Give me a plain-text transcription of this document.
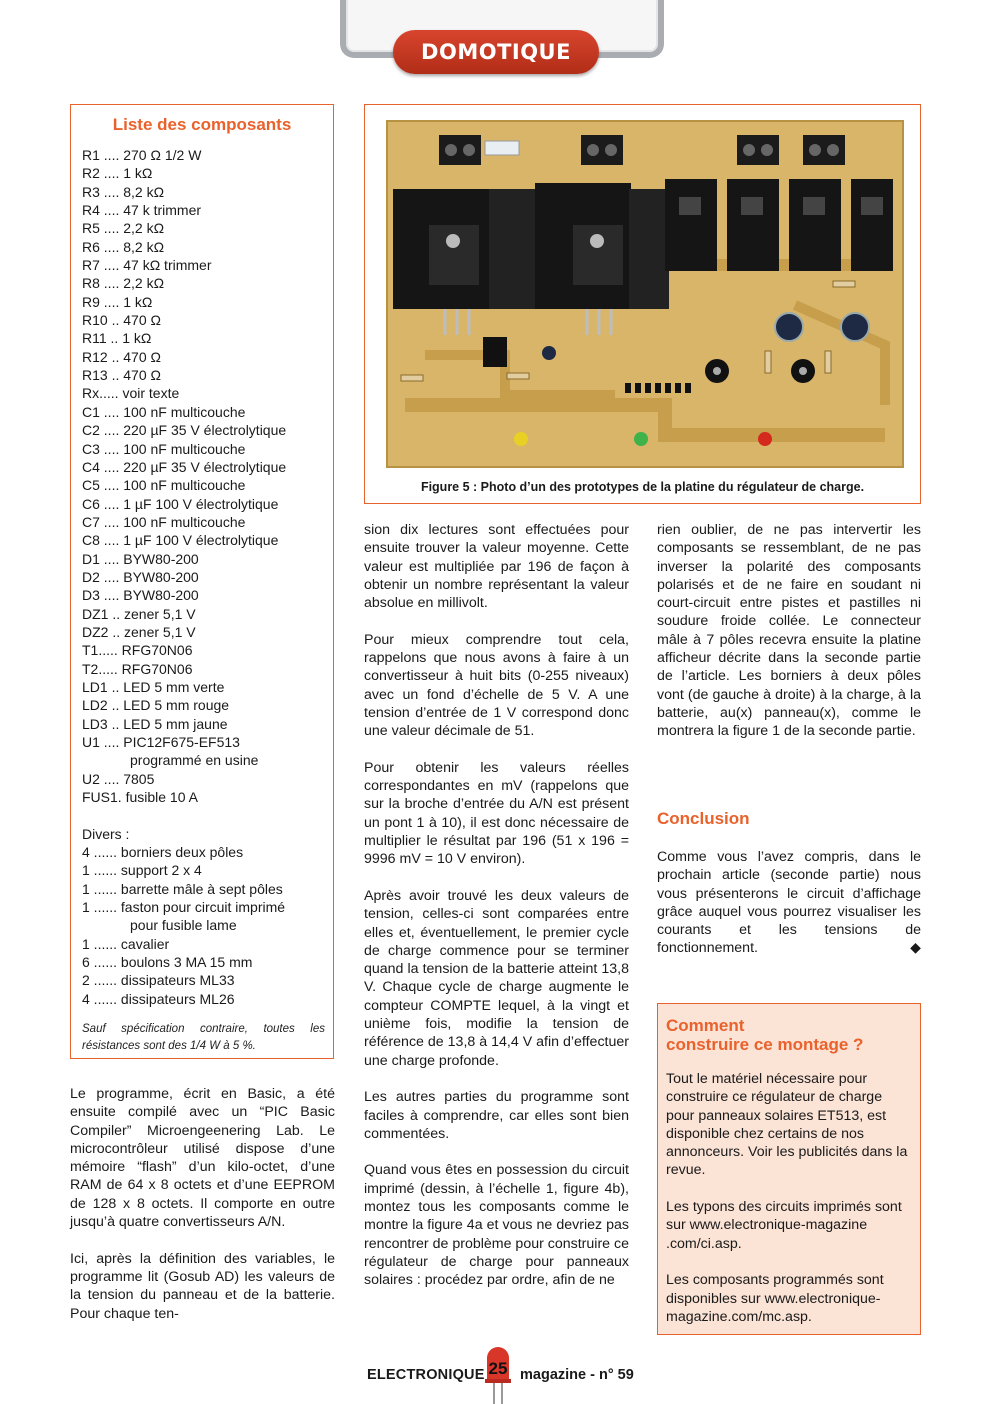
DOMOTIQUE
Liste des composants
R1 .... 270 Ω 1/2 W
R2 .... 1 kΩ
R3 .... 8,2 kΩ
R4 .... 47 k trimmer
R5 .... 2,2 kΩ
R6 .... 8,2 kΩ
R7 .... 47 kΩ trimmer
R8 .... 2,2 kΩ
R9 .... 1 kΩ
R10 .. 470 Ω
R11 .. 1 kΩ
R12 .. 470 Ω
R13 .. 470 Ω
Rx..... voir texte
C1 .... 100 nF multicouche
C2 .... 220 µF 35 V électrolytique
C3 .... 100 nF multicouche
C4 .... 220 µF 35 V électrolytique
C5 .... 100 nF multicouche
C6 .... 1 µF 100 V électrolytique
C7 .... 100 nF multicouche
C8 .... 1 µF 100 V électrolytique
D1 .... BYW80-200
D2 .... BYW80-200
D3 .... BYW80-200
DZ1 .. zener 5,1 V
DZ2 .. zener 5,1 V
T1..... RFG70N06
T2..... RFG70N06
LD1 .. LED 5 mm verte
LD2 .. LED 5 mm rouge
LD3 .. LED 5 mm jaune
U1 .... PIC12F675-EF513
programmé en usine
U2 .... 7805
FUS1. fusible 10 A

Divers :
4 ...... borniers deux pôles
1 ...... support 2 x 4
1 ...... barrette mâle à sept pôles
1 ...... faston pour circuit imprimé
pour fusible lame
1 ...... cavalier
6 ...... boulons 3 MA 15 mm
2 ...... dissipateurs ML33
4 ...... dissipateurs ML26
Sauf spécification contraire, toutes les résistances sont des 1/4 W à 5 %.
Figure 5 : Photo d’un des prototypes de la platine du régulateur de charge.

Le programme, écrit en Basic, a été ensuite compilé avec un “PIC Basic Compiler” Microengeenering Lab. Le microcontrôleur utilisé dispose d’une mémoire “flash” d’un kilo-octet, d’une RAM de 64 x 8 octets et d’une EEPROM de 128 x 8 octets. Il comporte en outre jusqu’à quatre convertisseurs A/N.

Ici, après la définition des variables, le programme lit (Gosub AD) les valeurs de la tension du panneau et de la batterie. Pour chaque ten-

sion dix lectures sont effectuées pour ensuite trouver la valeur moyenne. Cette valeur est multipliée par 196 de façon à obtenir un nombre représentant la valeur absolue en millivolt.

Pour mieux comprendre tout cela, rappelons que nous avons à faire à un convertisseur à huit bits (0-255 niveaux) avec un fond d’échelle de 5 V. A une tension d’entrée de 1 V correspond donc une valeur décimale de 51.

Pour obtenir les valeurs réelles correspondantes en mV (rappelons que sur la broche d’entrée du A/N est présent un pont 1 à 10), il est donc nécessaire de multiplier le résultat par 196 (51 x 196 = 9996 mV = 10 V environ).

Après avoir trouvé les deux valeurs de tension, celles-ci sont comparées entre elles et, éventuellement, le premier cycle de charge commence pour se terminer quand la tension de la batterie atteint 13,8 V. Chaque cycle de charge augmente le compteur COMPTE lequel, à la vingt et unième fois, modifie la tension de référence de 13,8 à 14,4 V afin d’effectuer une charge profonde.

Les autres parties du programme sont faciles à comprendre, car elles sont bien commentées.

Quand vous êtes en possession du circuit imprimé (dessin, à l’échelle 1, figure 4b), montez tous les composants comme le montre la figure 4a et vous ne devriez pas rencontrer de problème pour construire ce régulateur de charge pour panneaux solaires : procédez par ordre, afin de ne

rien oublier, de ne pas intervertir les composants se ressemblant, de ne pas inverser la polarité des composants polarisés et de ne faire en soudant ni court-circuit entre pistes et pastilles ni soudure froide collée. Le connecteur mâle à 7 pôles recevra ensuite la platine afficheur décrite dans la seconde partie de l’article. Les borniers à deux pôles vont (de gauche à droite) à la charge, à la batterie, au(x) panneau(x), comme le montrera la figure 1 de la seconde partie.

Conclusion
Comme vous l’avez compris, dans le prochain article (seconde partie) nous vous présenterons le circuit d’affichage grâce auquel vous pourrez visualiser les courants et les tensions de fonctionnement.	◆
Comment
construire ce montage ?

Tout le matériel nécessaire pour construire ce régulateur de charge pour panneaux solaires ET513, est disponible chez certains de nos annonceurs. Voir les publicités dans la revue.

Les typons des circuits imprimés sont sur www.electronique-magazine .com/ci.asp.

Les composants programmés sont disponibles sur www.electronique-magazine.com/mc.asp.

ELECTRONIQUE 25 magazine - n° 59
